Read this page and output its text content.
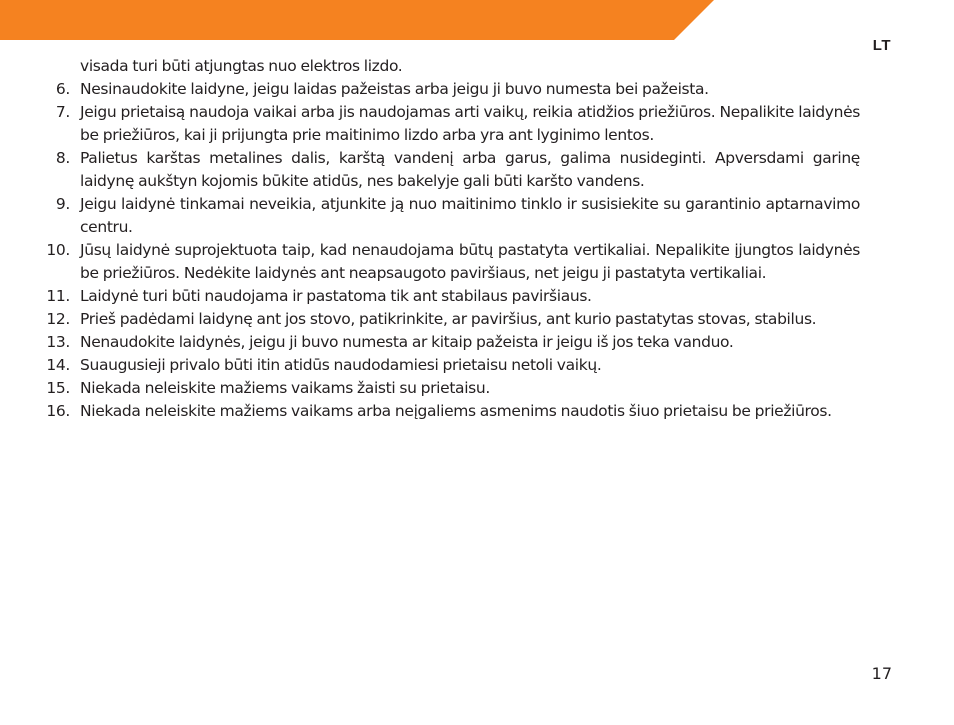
LT

visada turi būti atjungtas nuo elektros lizdo.

6. Nesinaudokite laidyne, jeigu laidas pažeistas arba jeigu ji buvo numesta bei pažeista.
7. Jeigu prietaisą naudoja vaikai arba jis naudojamas arti vaikų, reikia atidžios priežiūros. Nepalikite laidynės be priežiūros, kai ji prijungta prie maitinimo lizdo arba yra ant lyginimo lentos.
8. Palietus karštas metalines dalis, karštą vandenį arba garus, galima nusideginti. Apversdami garinę laidynę aukštyn kojomis būkite atidūs, nes bakelyje gali būti karšto vandens.
9. Jeigu laidynė tinkamai neveikia, atjunkite ją nuo maitinimo tinklo ir susisiekite su garantinio aptarnavimo centru.
10. Jūsų laidynė suprojektuota taip, kad nenaudojama būtų pastatyta vertikaliai. Nepalikite įjungtos laidynės be priežiūros. Nedėkite laidynės ant neapsaugoto paviršiaus, net jeigu ji pastatyta vertikaliai.
11. Laidynė turi būti naudojama ir pastatoma tik ant stabilaus paviršiaus.
12. Prieš padėdami laidynę ant jos stovo, patikrinkite, ar paviršius, ant kurio pastatytas stovas, stabilus.
13. Nenaudokite laidynės, jeigu ji buvo numesta ar kitaip pažeista ir jeigu iš jos teka vanduo.
14. Suaugusieji privalo būti itin atidūs naudodamiesi prietaisu netoli vaikų.
15. Niekada neleiskite mažiems vaikams žaisti su prietaisu.
16. Niekada neleiskite mažiems vaikams arba neįgaliems asmenims naudotis šiuo prietaisu be priežiūros.
17
